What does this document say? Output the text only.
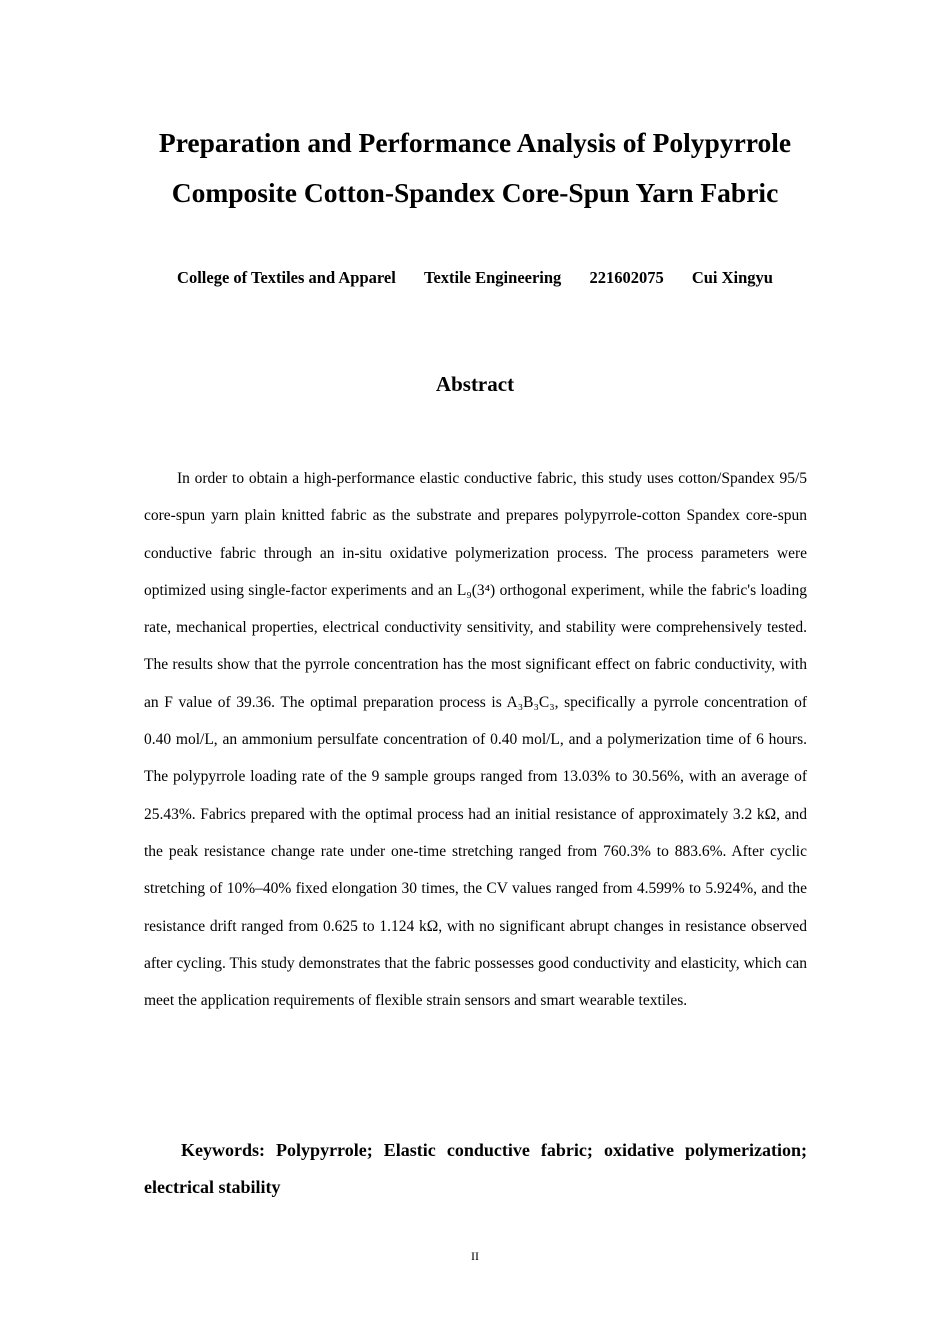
Preparation and Performance Analysis of Polypyrrole
Composite Cotton-Spandex Core-Spun Yarn Fabric
College of Textiles and Apparel Textile Engineering 221602075 Cui Xingyu
Abstract

In order to obtain a high-performance elastic conductive fabric, this study uses cotton/Spandex 95/5 core-spun yarn plain knitted fabric as the substrate and prepares polypyrrole-cotton Spandex core-spun conductive fabric through an in-situ oxidative polymerization process. The process parameters were optimized using single-factor experiments and an L₉(3⁴) orthogonal experiment, while the fabric's loading rate, mechanical properties, electrical conductivity sensitivity, and stability were comprehensively tested. The results show that the pyrrole concentration has the most significant effect on fabric conductivity, with an F value of 39.36. The optimal preparation process is A₃B₃C₃, specifically a pyrrole concentration of 0.40 mol/L, an ammonium persulfate concentration of 0.40 mol/L, and a polymerization time of 6 hours. The polypyrrole loading rate of the 9 sample groups ranged from 13.03% to 30.56%, with an average of 25.43%. Fabrics prepared with the optimal process had an initial resistance of approximately 3.2 kΩ, and the peak resistance change rate under one-time stretching ranged from 760.3% to 883.6%. After cyclic stretching of 10%–40% fixed elongation 30 times, the CV values ranged from 4.599% to 5.924%, and the resistance drift ranged from 0.625 to 1.124 kΩ, with no significant abrupt changes in resistance observed after cycling. This study demonstrates that the fabric possesses good conductivity and elasticity, which can meet the application requirements of flexible strain sensors and smart wearable textiles.

Keywords: Polypyrrole; Elastic conductive fabric; oxidative polymerization; electrical stability

II
